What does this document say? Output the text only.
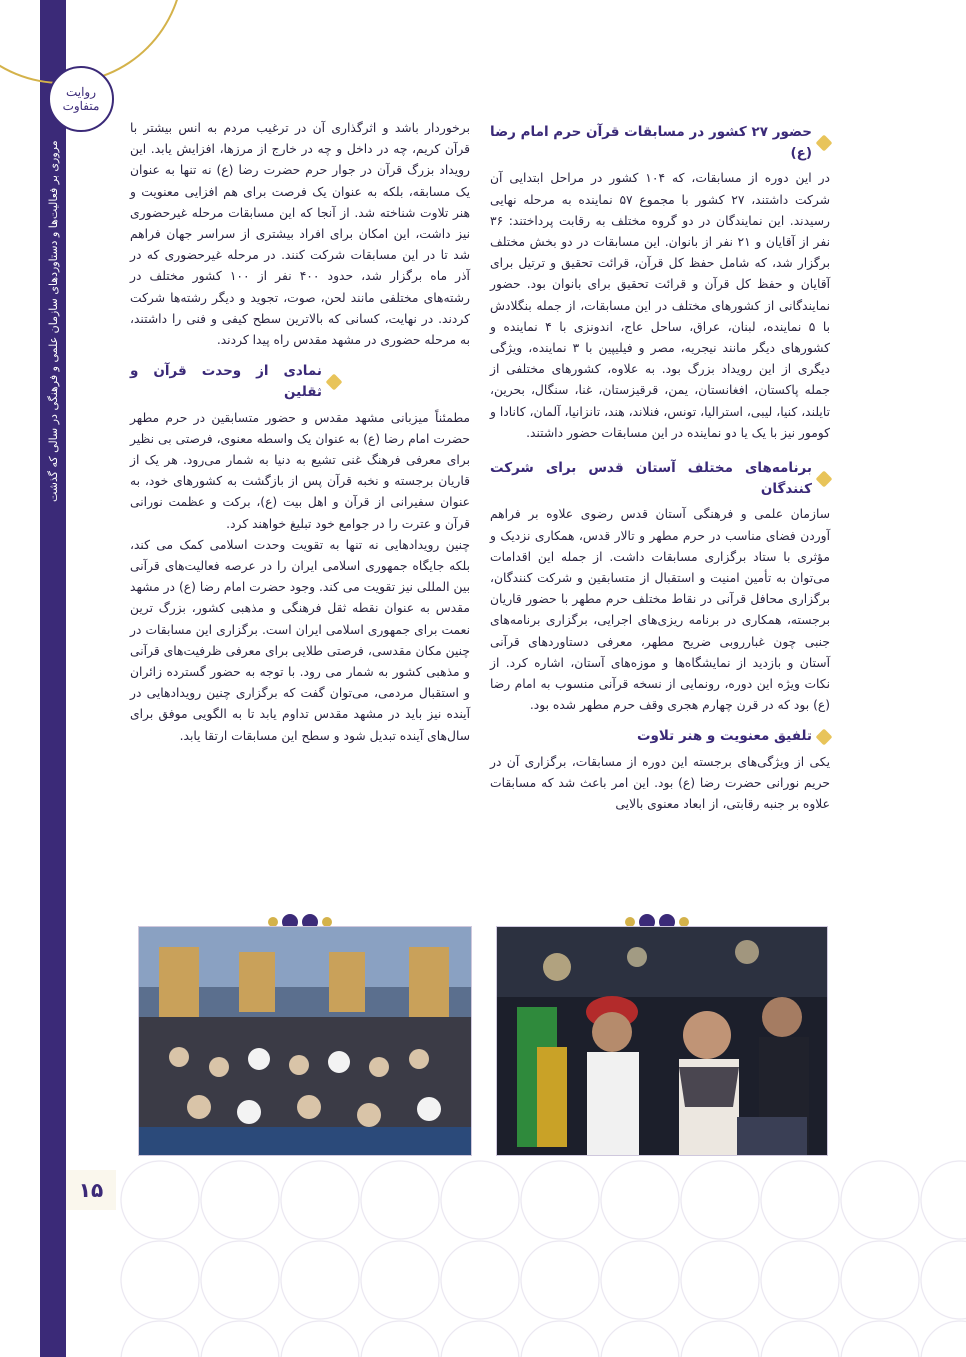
روایت متفاوت
مروری بر فعالیت‌ها و دستاوردهای سازمان علمی و فرهنگی در سالی که گذشت
۱۵
حضور ۲۷ کشور در مسابقات قرآن حرم امام رضا (ع)

در این دوره از مسابقات، که ۱۰۴ کشور در مراحل ابتدایی آن شرکت داشتند، ۲۷ کشور با مجموع ۵۷ نماینده به مرحله نهایی رسیدند. این نمایندگان در دو گروه مختلف به رقابت پرداختند: ۳۶ نفر از آقایان و ۲۱ نفر از بانوان. این مسابقات در دو بخش مختلف برگزار شد، که شامل حفظ کل قرآن، قرائت تحقیق و ترتیل برای آقایان و حفظ کل قرآن و قرائت تحقیق برای بانوان بود. حضور نمایندگانی از کشورهای مختلف در این مسابقات، از جمله بنگلادش با ۵ نماینده، لبنان، عراق، ساحل عاج، اندونزی با ۴ نماینده و کشورهای دیگر مانند نیجریه، مصر و فیلیپین با ۳ نماینده، ویژگی دیگری از این رویداد بزرگ بود. به علاوه، کشورهای مختلفی از جمله پاکستان، افغانستان، یمن، قرقیزستان، غنا، سنگال، بحرین، تایلند، کنیا، لیبی، استرالیا، تونس، فنلاند، هند، تانزانیا، آلمان، کانادا و کومور نیز با یک یا دو نماینده در این مسابقات حضور داشتند.

برنامه‌های مختلف آستان قدس برای شرکت کنندگان

سازمان علمی و فرهنگی آستان قدس رضوی علاوه بر فراهم آوردن فضای مناسب در حرم مطهر و تالار قدس، همکاری نزدیک و مؤثری با ستاد برگزاری مسابقات داشت. از جمله این اقدامات می‌توان به تأمین امنیت و استقبال از متسابقین و شرکت کنندگان، برگزاری محافل قرآنی در نقاط مختلف حرم مطهر با حضور قاریان برجسته، همکاری در برنامه ریزی‌های اجرایی، برگزاری برنامه‌های جنبی چون غبارروبی ضریح مطهر، معرفی دستاوردهای قرآنی آستان و بازدید از نمایشگاه‌ها و موزه‌های آستان، اشاره کرد. از نکات ویژه این دوره، رونمایی از نسخه قرآنی منسوب به امام رضا (ع) بود که در قرن چهارم هجری وقف حرم مطهر شده بود.

تلفیق معنویت و هنر تلاوت

یکی از ویژگی‌های برجسته این دوره از مسابقات، برگزاری آن در حریم نورانی حضرت رضا (ع) بود. این امر باعث شد که مسابقات علاوه بر جنبه رقابتی، از ابعاد معنوی بالایی

برخوردار باشد و اثرگذاری آن در ترغیب مردم به انس بیشتر با قرآن کریم، چه در داخل و چه در خارج از مرزها، افزایش یابد. این رویداد بزرگ قرآن در جوار حرم حضرت رضا (ع) نه تنها به عنوان یک مسابقه، بلکه به عنوان یک فرصت برای هم افزایی معنویت و هنر تلاوت شناخته شد. از آنجا که این مسابقات مرحله غیرحضوری نیز داشت، این امکان برای افراد بیشتری از سراسر جهان فراهم شد تا در این مسابقات شرکت کنند. در مرحله غیرحضوری که در آذر ماه برگزار شد، حدود ۴۰۰ نفر از ۱۰۰ کشور مختلف در رشته‌های مختلفی مانند لحن، صوت، تجوید و دیگر رشته‌ها شرکت کردند. در نهایت، کسانی که بالاترین سطح کیفی و فنی را داشتند، به مرحله حضوری در مشهد مقدس راه پیدا کردند.

نمادی از وحدت قرآن و ثقلین

مطمئناً میزبانی مشهد مقدس و حضور متسابقین در حرم مطهر حضرت امام رضا (ع) به عنوان یک واسطه معنوی، فرصتی بی نظیر برای معرفی فرهنگ غنی تشیع به دنیا به شمار می‌رود. هر یک از قاریان برجسته و نخبه قرآن پس از بازگشت به کشورهای خود، به عنوان سفیرانی از قرآن و اهل بیت (ع)، برکت و عظمت نورانی قرآن و عترت را در جوامع خود تبلیغ خواهند کرد.

چنین رویدادهایی نه تنها به تقویت وحدت اسلامی کمک می کند، بلکه جایگاه جمهوری اسلامی ایران را در عرصه فعالیت‌های قرآنی بین المللی نیز تقویت می کند. وجود حضرت امام رضا (ع) در مشهد مقدس به عنوان نقطه ثقل فرهنگی و مذهبی کشور، بزرگ ترین نعمت برای جمهوری اسلامی ایران است. برگزاری این مسابقات در چنین مکان مقدسی، فرصتی طلایی برای معرفی ظرفیت‌های قرآنی و مذهبی کشور به شمار می رود. با توجه به حضور گسترده زائران و استقبال مردمی، می‌توان گفت که برگزاری چنین رویدادهایی در آینده نیز باید در مشهد مقدس تداوم یابد تا به الگویی موفق برای سال‌های آینده تبدیل شود و سطح این مسابقات ارتقا یابد.
